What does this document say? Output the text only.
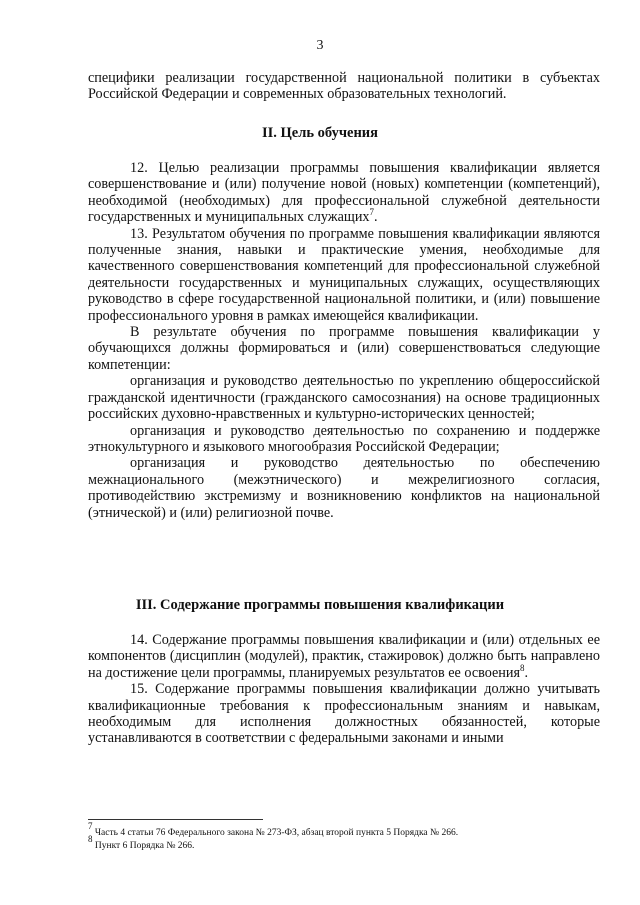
3

специфики реализации государственной национальной политики в субъектах Российской Федерации и современных образовательных технологий.

II. Цель обучения

12. Целью реализации программы повышения квалификации является совершенствование и (или) получение новой (новых) компетенции (компетенций), необходимой (необходимых) для профессиональной служебной деятельности государственных и муниципальных служащих$^7$.

13. Результатом обучения по программе повышения квалификации являются полученные знания, навыки и практические умения, необходимые для качественного совершенствования компетенций для профессиональной служебной деятельности государственных и муниципальных служащих, осуществляющих руководство в сфере государственной национальной политики, и (или) повышение профессионального уровня в рамках имеющейся квалификации.

В результате обучения по программе повышения квалификации у обучающихся должны формироваться и (или) совершенствоваться следующие компетенции:

организация и руководство деятельностью по укреплению общероссийской гражданской идентичности (гражданского самосознания) на основе традиционных российских духовно-нравственных и культурно-исторических ценностей;

организация и руководство деятельностью по сохранению и поддержке этнокультурного и языкового многообразия Российской Федерации;

организация и руководство деятельностью по обеспечению межнационального (межэтнического) и межрелигиозного согласия, противодействию экстремизму и возникновению конфликтов на национальной (этнической) и (или) религиозной почве.

III. Содержание программы повышения квалификации

14. Содержание программы повышения квалификации и (или) отдельных ее компонентов (дисциплин (модулей), практик, стажировок) должно быть направлено на достижение цели программы, планируемых результатов ее освоения$^8$.

15. Содержание программы повышения квалификации должно учитывать квалификационные требования к профессиональным знаниям и навыкам, необходимым для исполнения должностных обязанностей, которые устанавливаются в соответствии с федеральными законами и иными

$^7$ Часть 4 статьи 76 Федерального закона № 273-ФЗ, абзац второй пункта 5 Порядка № 266.

$^8$ Пункт 6 Порядка № 266.
